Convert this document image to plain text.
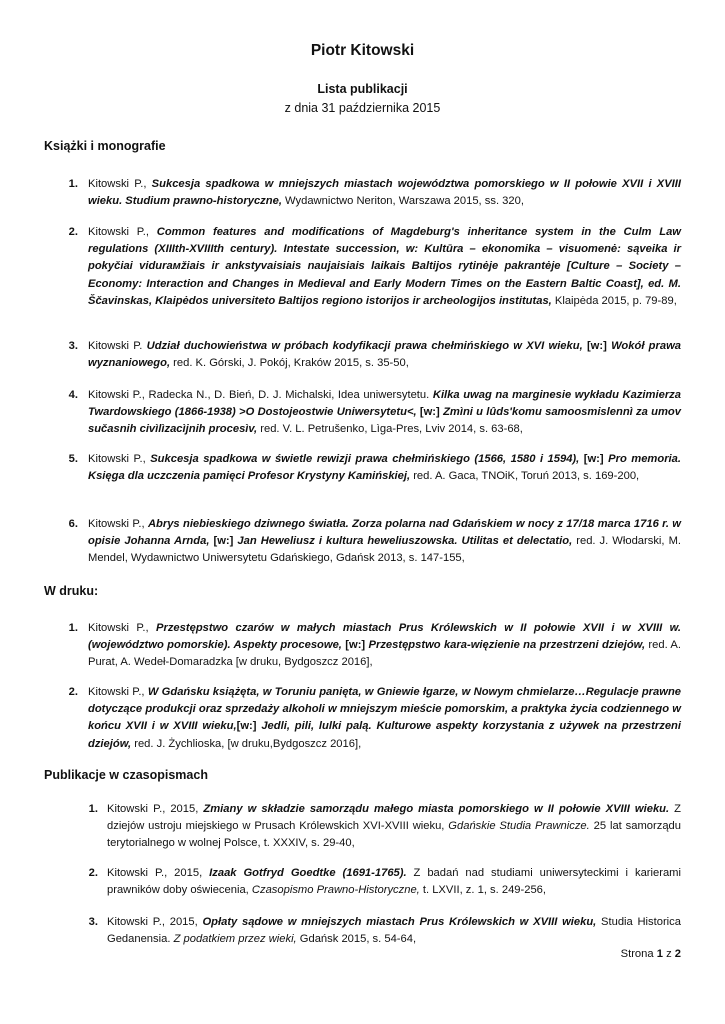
Piotr Kitowski
Lista publikacji
z dnia 31 października 2015
Książki i monografie
1. Kitowski P., Sukcesja spadkowa w mniejszych miastach województwa pomorskiego w II połowie XVII i XVIII wieku. Studium prawno-historyczne, Wydawnictwo Neriton, Warszawa 2015, ss. 320,
2. Kitowski P., Common features and modifications of Magdeburg's inheritance system in the Culm Law regulations (XIIIth-XVIIIth century). Intestate succession, w: Kultūra – ekonomika – visuomenė: sąveika ir pokyčiai vidurамžiais ir ankstyvaisiais naujaisiais laikais Baltijos rytinėje pakrantėje [Culture – Society – Economy: Interaction and Changes in Medieval and Early Modern Times on the Eastern Baltic Coast], ed. M. Ščavinskas, Klaipėdos universiteto Baltijos regiono istorijos ir archeologijos institutas, Klaipėda 2015, p. 79-89,
3. Kitowski P. Udział duchowieństwa w próbach kodyfikacji prawa chełmińskiego w XVI wieku, [w:] Wokół prawa wyznaniowego, red. K. Górski, J. Pokój, Kraków 2015, s. 35-50,
4. Kitowski P., Radecka N., D. Bień, D. J. Michalski, Idea uniwersytetu. Kilka uwag na marginesie wykładu Kazimierza Twardowskiego (1866-1938) >O Dostojeostwie Uniwersytetu<, [w:] Zmìni u lûds'komu samoosmislennì za umov sučasnih civìlìzacìjnih procesìv, red. V. L. Petrušenko, Lìga-Pres, Lviv 2014, s. 63-68,
5. Kitowski P., Sukcesja spadkowa w świetle rewizji prawa chełmińskiego (1566, 1580 i 1594), [w:] Pro memoria. Księga dla uczczenia pamięci Profesor Krystyny Kamińskiej, red. A. Gaca, TNOiK, Toruń 2013, s. 169-200,
6. Kitowski P., Abrys niebieskiego dziwnego światła. Zorza polarna nad Gdańskiem w nocy z 17/18 marca 1716 r. w opisie Johanna Arnda, [w:] Jan Heweliusz i kultura heweliuszowska. Utilitas et delectatio, red. J. Włodarski, M. Mendel, Wydawnictwo Uniwersytetu Gdańskiego, Gdańsk 2013, s. 147-155,
W druku:
1. Kitowski P., Przestępstwo czarów w małych miastach Prus Królewskich w II połowie XVII i w XVIII w. (województwo pomorskie). Aspekty procesowe, [w:] Przestępstwo kara-więzienie na przestrzeni dziejów, red. A. Purat, A. Wedeł-Domaradzka [w druku, Bydgoszcz 2016],
2. Kitowski P., W Gdańsku książęta, w Toruniu panięta, w Gniewie łgarze, w Nowym chmielarze…Regulacje prawne dotyczące produkcji oraz sprzedaży alkoholi w mniejszym mieście pomorskim, a praktyka życia codziennego w końcu XVII i w XVIII wieku,[w:] Jedli, pili, lulki palą. Kulturowe aspekty korzystania z używek na przestrzeni dziejów, red. J. Żychlioska, [w druku,Bydgoszcz 2016],
Publikacje w czasopismach
1. Kitowski P., 2015, Zmiany w składzie samorządu małego miasta pomorskiego w II połowie XVIII wieku. Z dziejów ustroju miejskiego w Prusach Królewskich XVI-XVIII wieku, Gdańskie Studia Prawnicze. 25 lat samorządu terytorialnego w wolnej Polsce, t. XXXIV, s. 29-40,
2. Kitowski P., 2015, Izaak Gotfryd Goedtke (1691-1765). Z badań nad studiami uniwersyteckimi i karierami prawników doby oświecenia, Czasopismo Prawno-Historyczne, t. LXVII, z. 1, s. 249-256,
3. Kitowski P., 2015, Opłaty sądowe w mniejszych miastach Prus Królewskich w XVIII wieku, Studia Historica Gedanensia. Z podatkiem przez wieki, Gdańsk 2015, s. 54-64,
Strona 1 z 2
